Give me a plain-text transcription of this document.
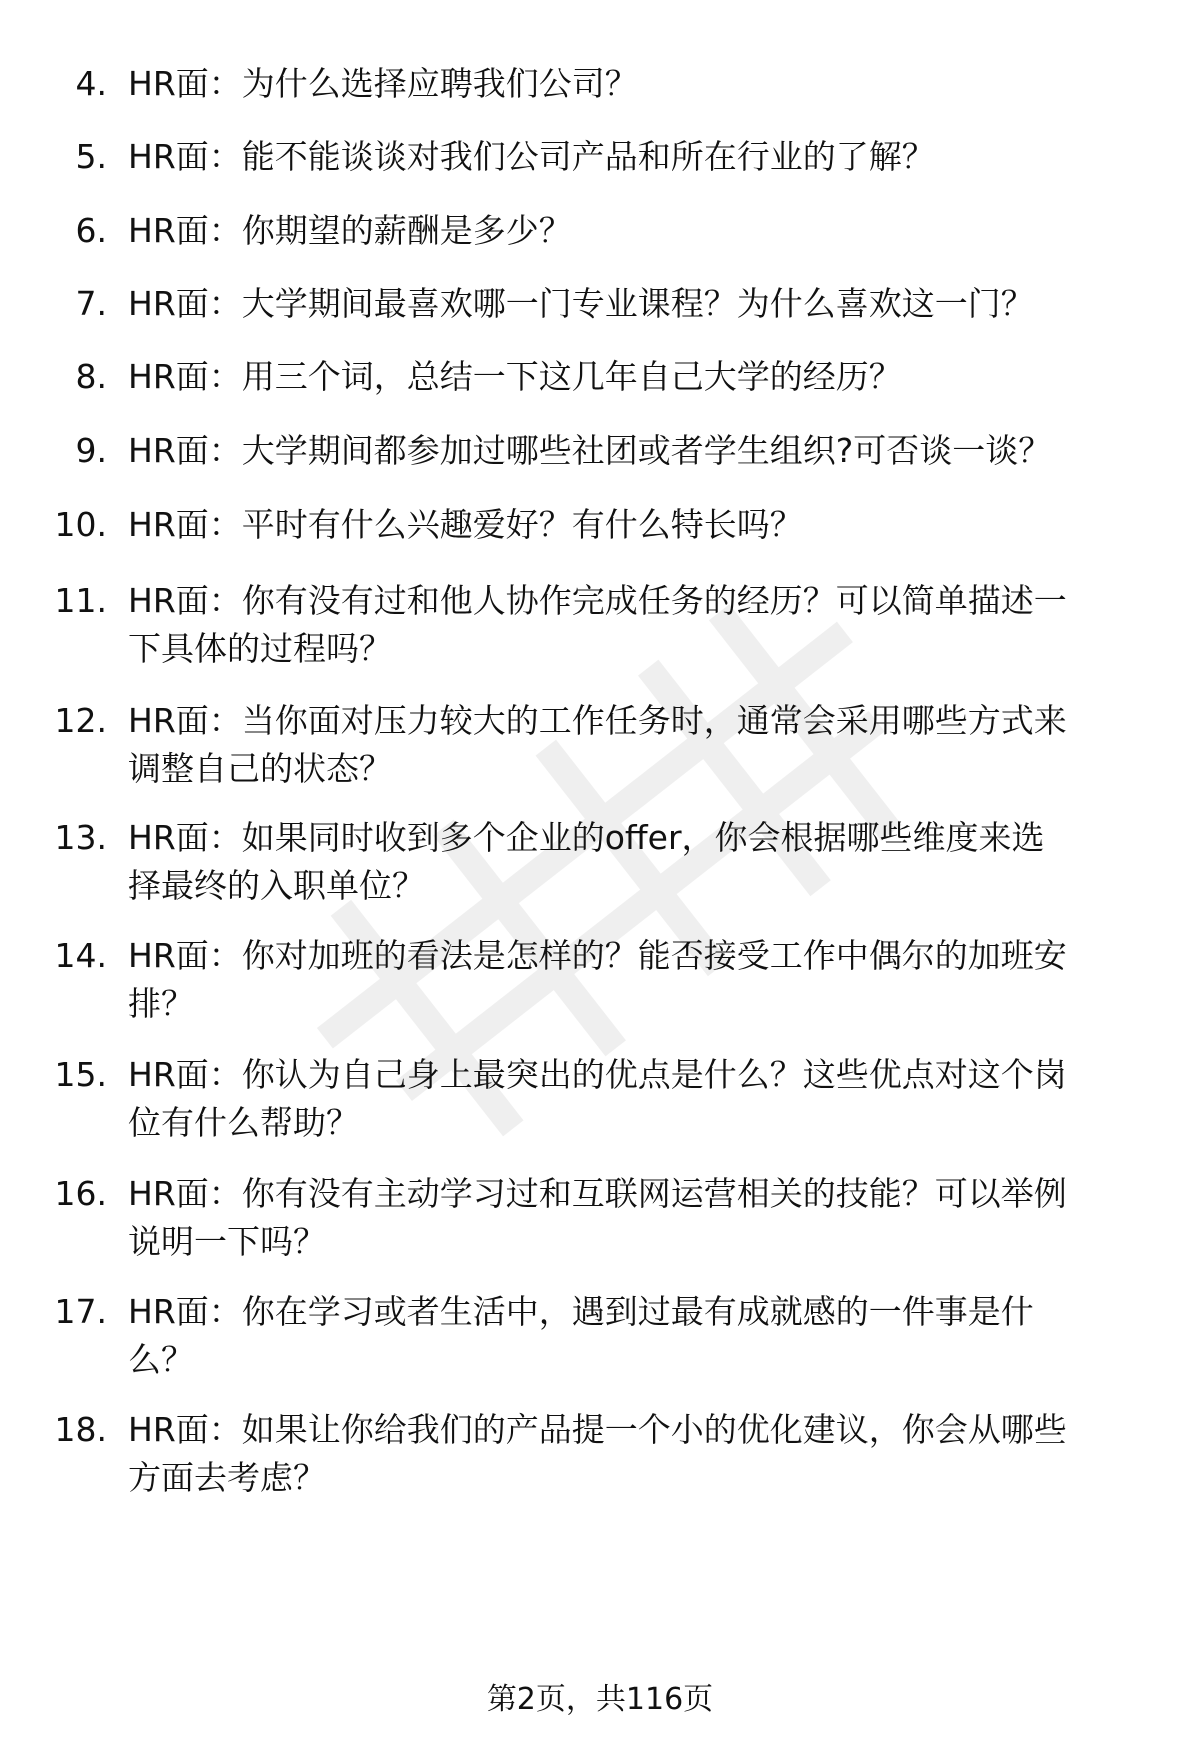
4. HR面：为什么选择应聘我们公司？
5. HR面：能不能谈谈对我们公司产品和所在行业的了解？
6. HR面：你期望的薪酬是多少？
7. HR面：大学期间最喜欢哪一门专业课程？为什么喜欢这一门？
8. HR面：用三个词，总结一下这几年自己大学的经历？
9. HR面：大学期间都参加过哪些社团或者学生组织?可否谈一谈？
10. HR面：平时有什么兴趣爱好？有什么特长吗？
11. HR面：你有没有过和他人协作完成任务的经历？可以简单描述一
下具体的过程吗？
12. HR面：当你面对压力较大的工作任务时，通常会采用哪些方式来
调整自己的状态？
13. HR面：如果同时收到多个企业的offer，你会根据哪些维度来选
择最终的入职单位？
14. HR面：你对加班的看法是怎样的？能否接受工作中偶尔的加班安
排？
15. HR面：你认为自己身上最突出的优点是什么？这些优点对这个岗
位有什么帮助？
16. HR面：你有没有主动学习过和互联网运营相关的技能？可以举例
说明一下吗？
17. HR面：你在学习或者生活中，遇到过最有成就感的一件事是什
么？
18. HR面：如果让你给我们的产品提一个小的优化建议，你会从哪些
方面去考虑？
第2页，共116页
